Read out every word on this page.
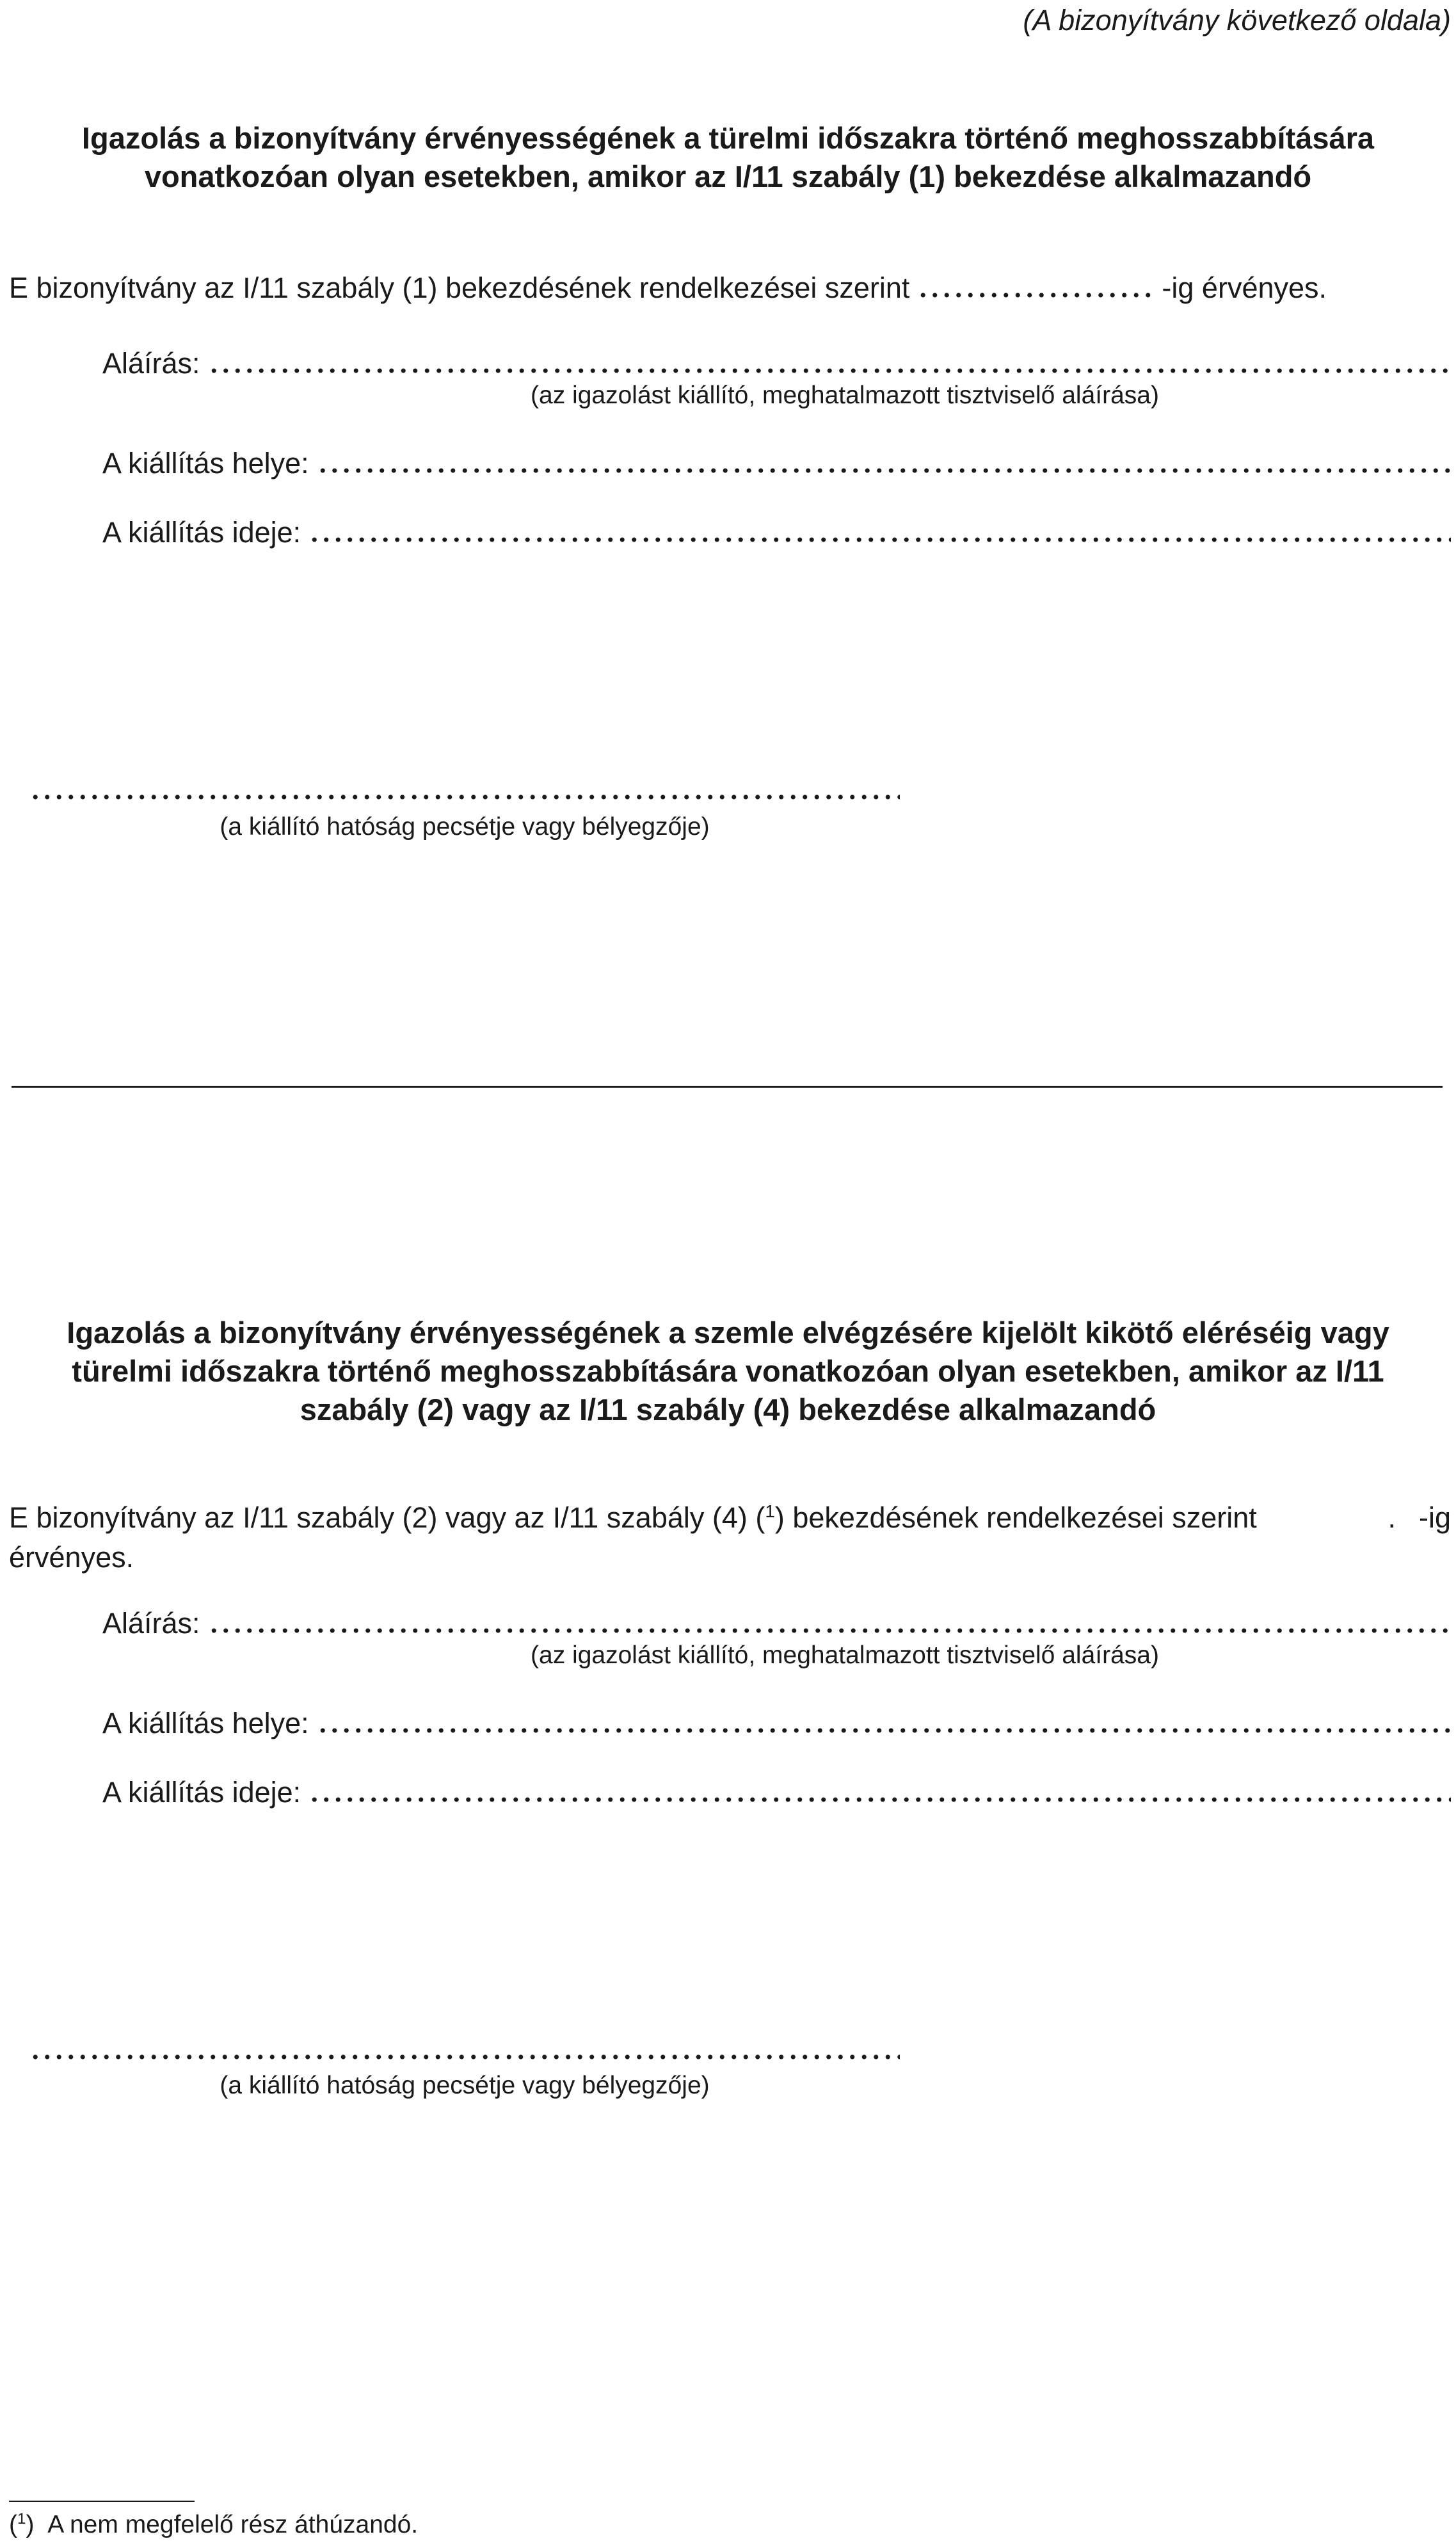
(A bizonyítvány következő oldala)
Igazolás a bizonyítvány érvényességének a türelmi időszakra történő meghosszabbítására
vonatkozóan olyan esetekben, amikor az I/11 szabály (1) bekezdése alkalmazandó
E bizonyítvány az I/11 szabály (1) bekezdésének rendelkezései szerint	-ig érvényes.
Aláírás:
(az igazolást kiállító, meghatalmazott tisztviselő aláírása)
A kiállítás helye:
A kiállítás ideje:
(a kiállító hatóság pecsétje vagy bélyegzője)
Igazolás a bizonyítvány érvényességének a szemle elvégzésére kijelölt kikötő eléréséig vagy
türelmi időszakra történő meghosszabbítására vonatkozóan olyan esetekben, amikor az I/11
szabály (2) vagy az I/11 szabály (4) bekezdése alkalmazandó
E bizonyítvány az I/11 szabály (2) vagy az I/11 szabály (4) ($^1$) bekezdésének rendelkezései szerint	. -ig
érvényes.
Aláírás:
(az igazolást kiállító, meghatalmazott tisztviselő aláírása)
A kiállítás helye:
A kiállítás ideje:
(a kiállító hatóság pecsétje vagy bélyegzője)
($^1$) A nem megfelelő rész áthúzandó.
